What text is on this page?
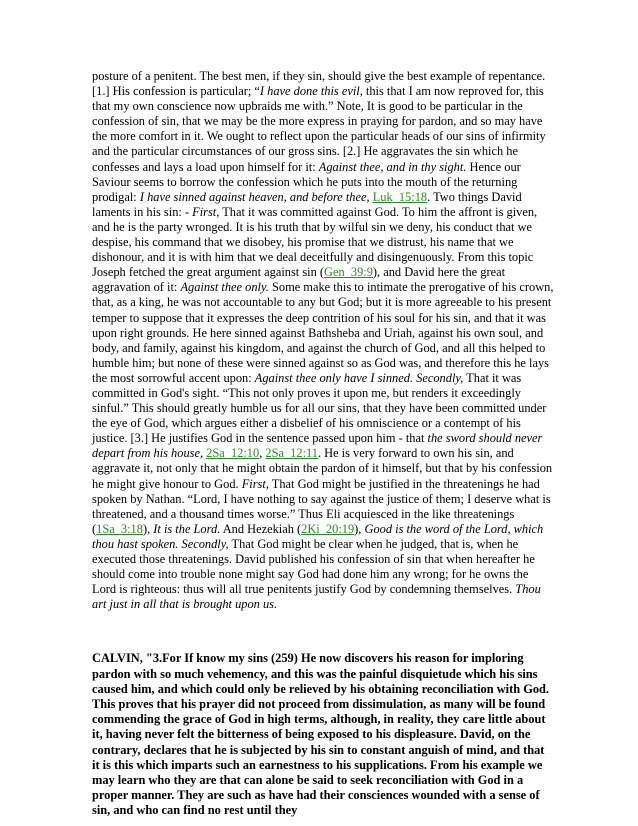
posture of a penitent. The best men, if they sin, should give the best example of repentance. [1.] His confession is particular; “I have done this evil, this that I am now reproved for, this that my own conscience now upbraids me with.” Note, It is good to be particular in the confession of sin, that we may be the more express in praying for pardon, and so may have the more comfort in it. We ought to reflect upon the particular heads of our sins of infirmity and the particular circumstances of our gross sins. [2.] He aggravates the sin which he confesses and lays a load upon himself for it: Against thee, and in thy sight. Hence our Saviour seems to borrow the confession which he puts into the mouth of the returning prodigal: I have sinned against heaven, and before thee, Luk_15:18. Two things David laments in his sin: - First, That it was committed against God. To him the affront is given, and he is the party wronged. It is his truth that by wilful sin we deny, his conduct that we despise, his command that we disobey, his promise that we distrust, his name that we dishonour, and it is with him that we deal deceitfully and disingenuously. From this topic Joseph fetched the great argument against sin (Gen_39:9), and David here the great aggravation of it: Against thee only. Some make this to intimate the prerogative of his crown, that, as a king, he was not accountable to any but God; but it is more agreeable to his present temper to suppose that it expresses the deep contrition of his soul for his sin, and that it was upon right grounds. He here sinned against Bathsheba and Uriah, against his own soul, and body, and family, against his kingdom, and against the church of God, and all this helped to humble him; but none of these were sinned against so as God was, and therefore this he lays the most sorrowful accent upon: Against thee only have I sinned. Secondly, That it was committed in God's sight. “This not only proves it upon me, but renders it exceedingly sinful.” This should greatly humble us for all our sins, that they have been committed under the eye of God, which argues either a disbelief of his omniscience or a contempt of his justice. [3.] He justifies God in the sentence passed upon him - that the sword should never depart from his house, 2Sa_12:10, 2Sa_12:11. He is very forward to own his sin, and aggravate it, not only that he might obtain the pardon of it himself, but that by his confession he might give honour to God. First, That God might be justified in the threatenings he had spoken by Nathan. “Lord, I have nothing to say against the justice of them; I deserve what is threatened, and a thousand times worse.” Thus Eli acquiesced in the like threatenings (1Sa_3:18), It is the Lord. And Hezekiah (2Ki_20:19), Good is the word of the Lord, which thou hast spoken. Secondly, That God might be clear when he judged, that is, when he executed those threatenings. David published his confession of sin that when hereafter he should come into trouble none might say God had done him any wrong; for he owns the Lord is righteous: thus will all true penitents justify God by condemning themselves. Thou art just in all that is brought upon us.

CALVIN, "3.For If know my sins (259) He now discovers his reason for imploring pardon with so much vehemency, and this was the painful disquietude which his sins caused him, and which could only be relieved by his obtaining reconciliation with God. This proves that his prayer did not proceed from dissimulation, as many will be found commending the grace of God in high terms, although, in reality, they care little about it, having never felt the bitterness of being exposed to his displeasure. David, on the contrary, declares that he is subjected by his sin to constant anguish of mind, and that it is this which imparts such an earnestness to his supplications. From his example we may learn who they are that can alone be said to seek reconciliation with God in a proper manner. They are such as have had their consciences wounded with a sense of sin, and who can find no rest until they
